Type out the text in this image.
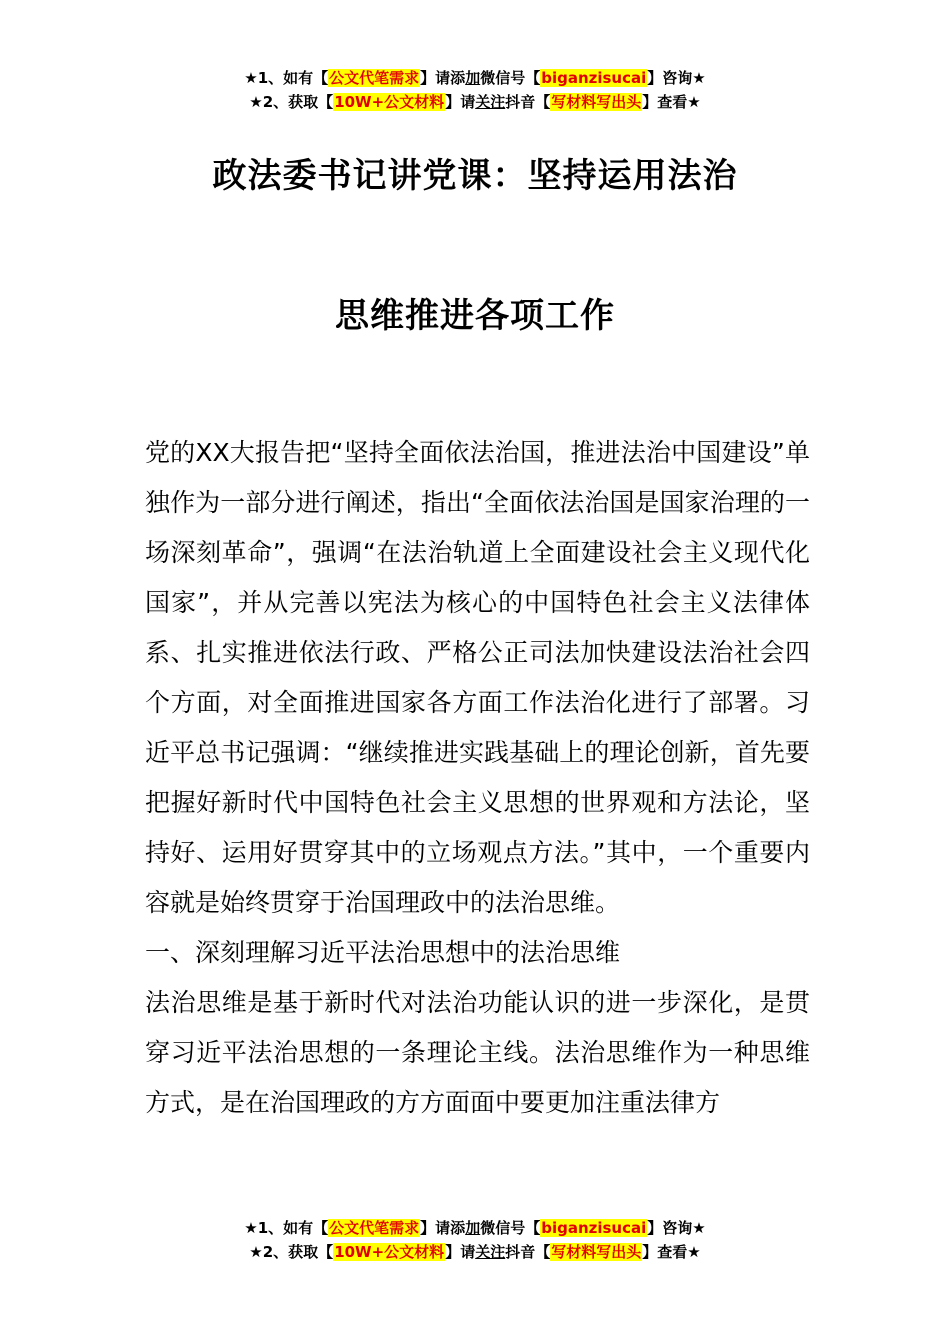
★1、如有【公文代笔需求】请添加微信号【biganzisucai】咨询★
★2、获取【10W+公文材料】请关注抖音【写材料写出头】查看★
政法委书记讲党课：坚持运用法治
思维推进各项工作

党的XX大报告把“坚持全面依法治国，推进法治中国建设”单独作为一部分进行阐述，指出“全面依法治国是国家治理的一场深刻革命”，强调“在法治轨道上全面建设社会主义现代化国家”，并从完善以宪法为核心的中国特色社会主义法律体系、扎实推进依法行政、严格公正司法加快建设法治社会四个方面，对全面推进国家各方面工作法治化进行了部署。习近平总书记强调：“继续推进实践基础上的理论创新，首先要把握好新时代中国特色社会主义思想的世界观和方法论，坚持好、运用好贯穿其中的立场观点方法。”其中，一个重要内容就是始终贯穿于治国理政中的法治思维。

一、深刻理解习近平法治思想中的法治思维

法治思维是基于新时代对法治功能认识的进一步深化，是贯穿习近平法治思想的一条理论主线。法治思维作为一种思维方式，是在治国理政的方方面面中要更加注重法律方

★1、如有【公文代笔需求】请添加微信号【biganzisucai】咨询★
★2、获取【10W+公文材料】请关注抖音【写材料写出头】查看★
